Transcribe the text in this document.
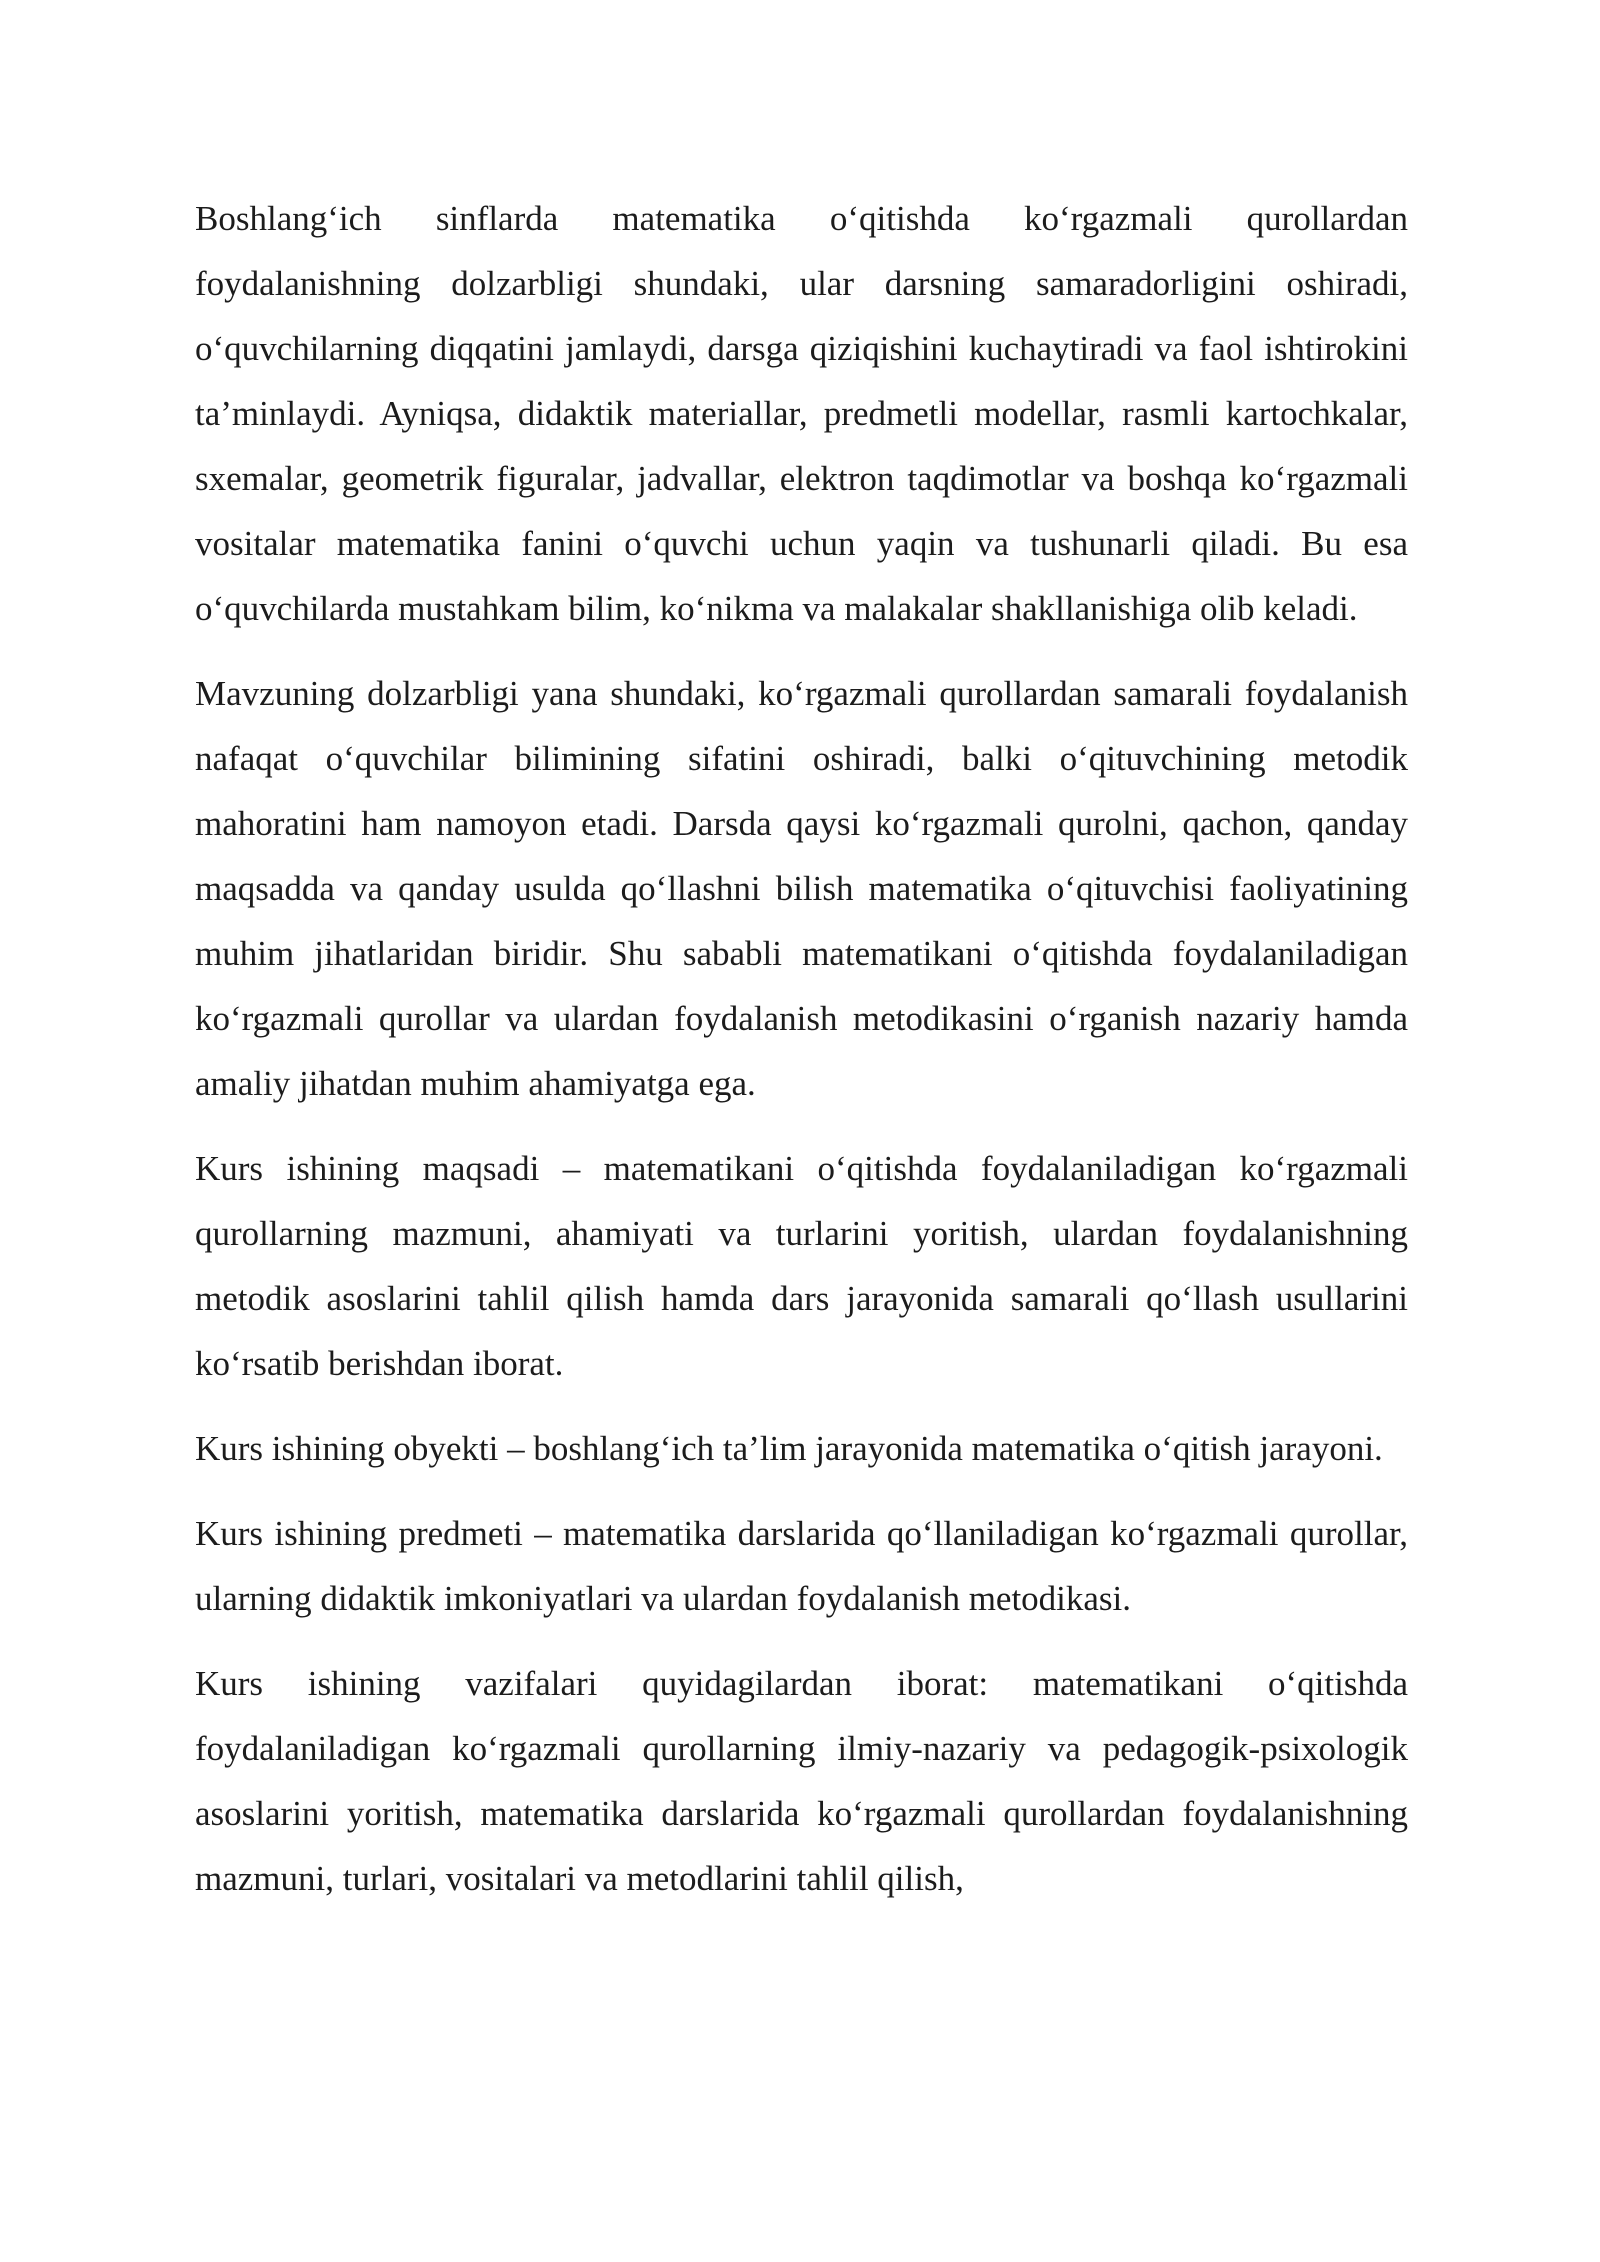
Boshlang‘ich sinflarda matematika o‘qitishda ko‘rgazmali qurollardan foydalanishning dolzarbligi shundaki, ular darsning samaradorligini oshiradi, o‘quvchilarning diqqatini jamlaydi, darsga qiziqishini kuchaytiradi va faol ishtirokini ta’minlaydi. Ayniqsa, didaktik materiallar, predmetli modellar, rasmli kartochkalar, sxemalar, geometrik figuralar, jadvallar, elektron taqdimotlar va boshqa ko‘rgazmali vositalar matematika fanini o‘quvchi uchun yaqin va tushunarli qiladi. Bu esa o‘quvchilarda mustahkam bilim, ko‘nikma va malakalar shakllanishiga olib keladi.

Mavzuning dolzarbligi yana shundaki, ko‘rgazmali qurollardan samarali foydalanish nafaqat o‘quvchilar bilimining sifatini oshiradi, balki o‘qituvchining metodik mahoratini ham namoyon etadi. Darsda qaysi ko‘rgazmali qurolni, qachon, qanday maqsadda va qanday usulda qo‘llashni bilish matematika o‘qituvchisi faoliyatining muhim jihatlaridan biridir. Shu sababli matematikani o‘qitishda foydalaniladigan ko‘rgazmali qurollar va ulardan foydalanish metodikasini o‘rganish nazariy hamda amaliy jihatdan muhim ahamiyatga ega.

Kurs ishining maqsadi – matematikani o‘qitishda foydalaniladigan ko‘rgazmali qurollarning mazmuni, ahamiyati va turlarini yoritish, ulardan foydalanishning metodik asoslarini tahlil qilish hamda dars jarayonida samarali qo‘llash usullarini ko‘rsatib berishdan iborat.

Kurs ishining obyekti – boshlang‘ich ta’lim jarayonida matematika o‘qitish jarayoni.

Kurs ishining predmeti – matematika darslarida qo‘llaniladigan ko‘rgazmali qurollar, ularning didaktik imkoniyatlari va ulardan foydalanish metodikasi.

Kurs ishining vazifalari quyidagilardan iborat: matematikani o‘qitishda foydalaniladigan ko‘rgazmali qurollarning ilmiy-nazariy va pedagogik-psixologik asoslarini yoritish, matematika darslarida ko‘rgazmali qurollardan foydalanishning mazmuni, turlari, vositalari va metodlarini tahlil qilish,
